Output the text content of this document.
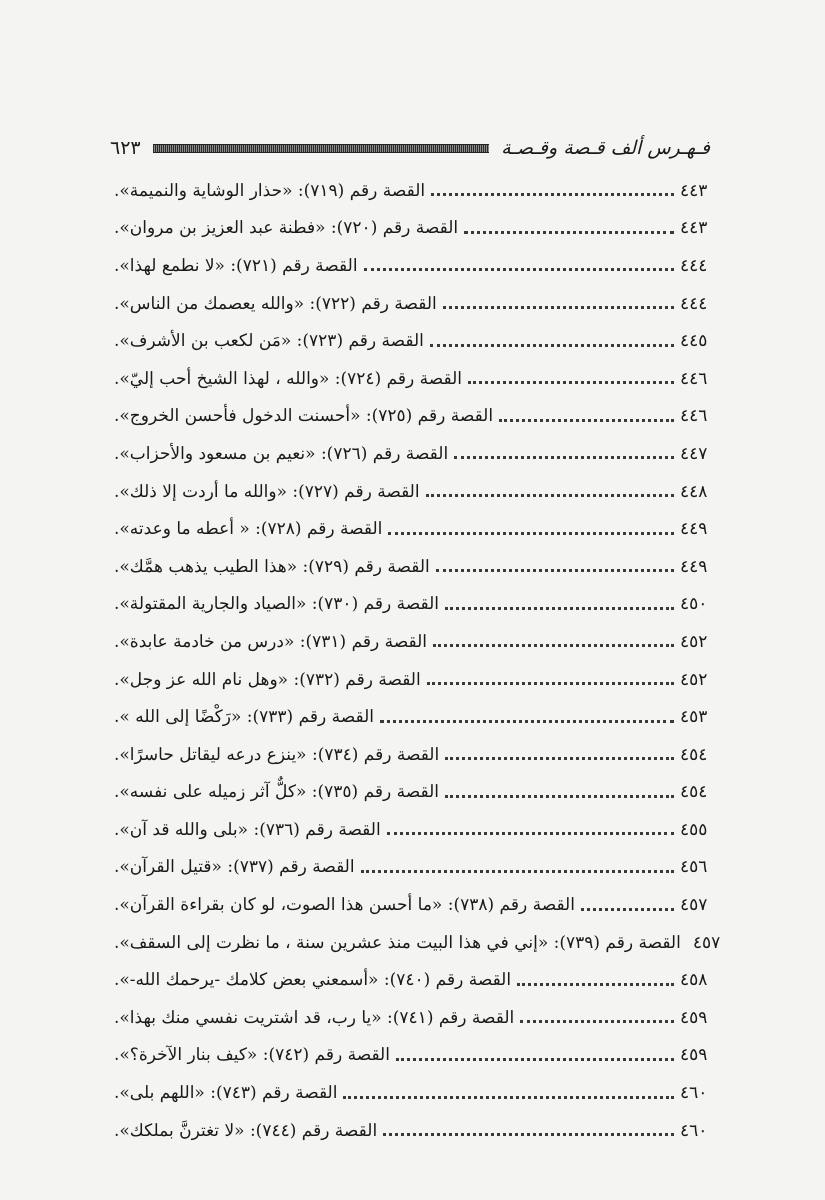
فـهـرس ألف قـصة وقـصـة
٦٢٣
القصة رقم (٧١٩): «حذار الوشاية والنميمة».	٤٤٣
القصة رقم (٧٢٠): «فطنة عبد العزيز بن مروان».	٤٤٣
القصة رقم (٧٢١): «لا نطمع لهذا».	٤٤٤
القصة رقم (٧٢٢): «والله يعصمك من الناس».	٤٤٤
القصة رقم (٧٢٣): «مَن لكعب بن الأشرف».	٤٤٥
القصة رقم (٧٢٤): «والله ، لهذا الشيخ أحب إليّ».	٤٤٦
القصة رقم (٧٢٥): «أحسنت الدخول فأحسن الخروج».	٤٤٦
القصة رقم (٧٢٦): «نعيم بن مسعود والأحزاب».	٤٤٧
القصة رقم (٧٢٧): «والله ما أردت إلا ذلك».	٤٤٨
القصة رقم (٧٢٨): « أعطه ما وعدته».	٤٤٩
القصة رقم (٧٢٩): «هذا الطيب يذهب همَّك».	٤٤٩
القصة رقم (٧٣٠): «الصياد والجارية المقتولة».	٤٥٠
القصة رقم (٧٣١): «درس من خادمة عابدة».	٤٥٢
القصة رقم (٧٣٢): «وهل نام الله عز وجل».	٤٥٢
القصة رقم (٧٣٣): «رَكْضًا إلى الله ».	٤٥٣
القصة رقم (٧٣٤): «ينزع درعه ليقاتل حاسرًا».	٤٥٤
القصة رقم (٧٣٥): «كلٌّ آثر زميله على نفسه».	٤٥٤
القصة رقم (٧٣٦): «بلى والله قد آن».	٤٥٥
القصة رقم (٧٣٧): «قتيل القرآن».	٤٥٦
القصة رقم (٧٣٨): «ما أحسن هذا الصوت، لو كان بقراءة القرآن».	٤٥٧
القصة رقم (٧٣٩): «إني في هذا البيت منذ عشرين سنة ، ما نظرت إلى السقف». ٤٥٧
القصة رقم (٧٤٠): «أسمعني بعض كلامك -يرحمك الله-».	٤٥٨
القصة رقم (٧٤١): «يا رب، قد اشتريت نفسي منك بهذا».	٤٥٩
القصة رقم (٧٤٢): «كيف بنار الآخرة؟».	٤٥٩
القصة رقم (٧٤٣): «اللهم بلى».	٤٦٠
القصة رقم (٧٤٤): «لا تغترنَّ بملكك».	٤٦٠
